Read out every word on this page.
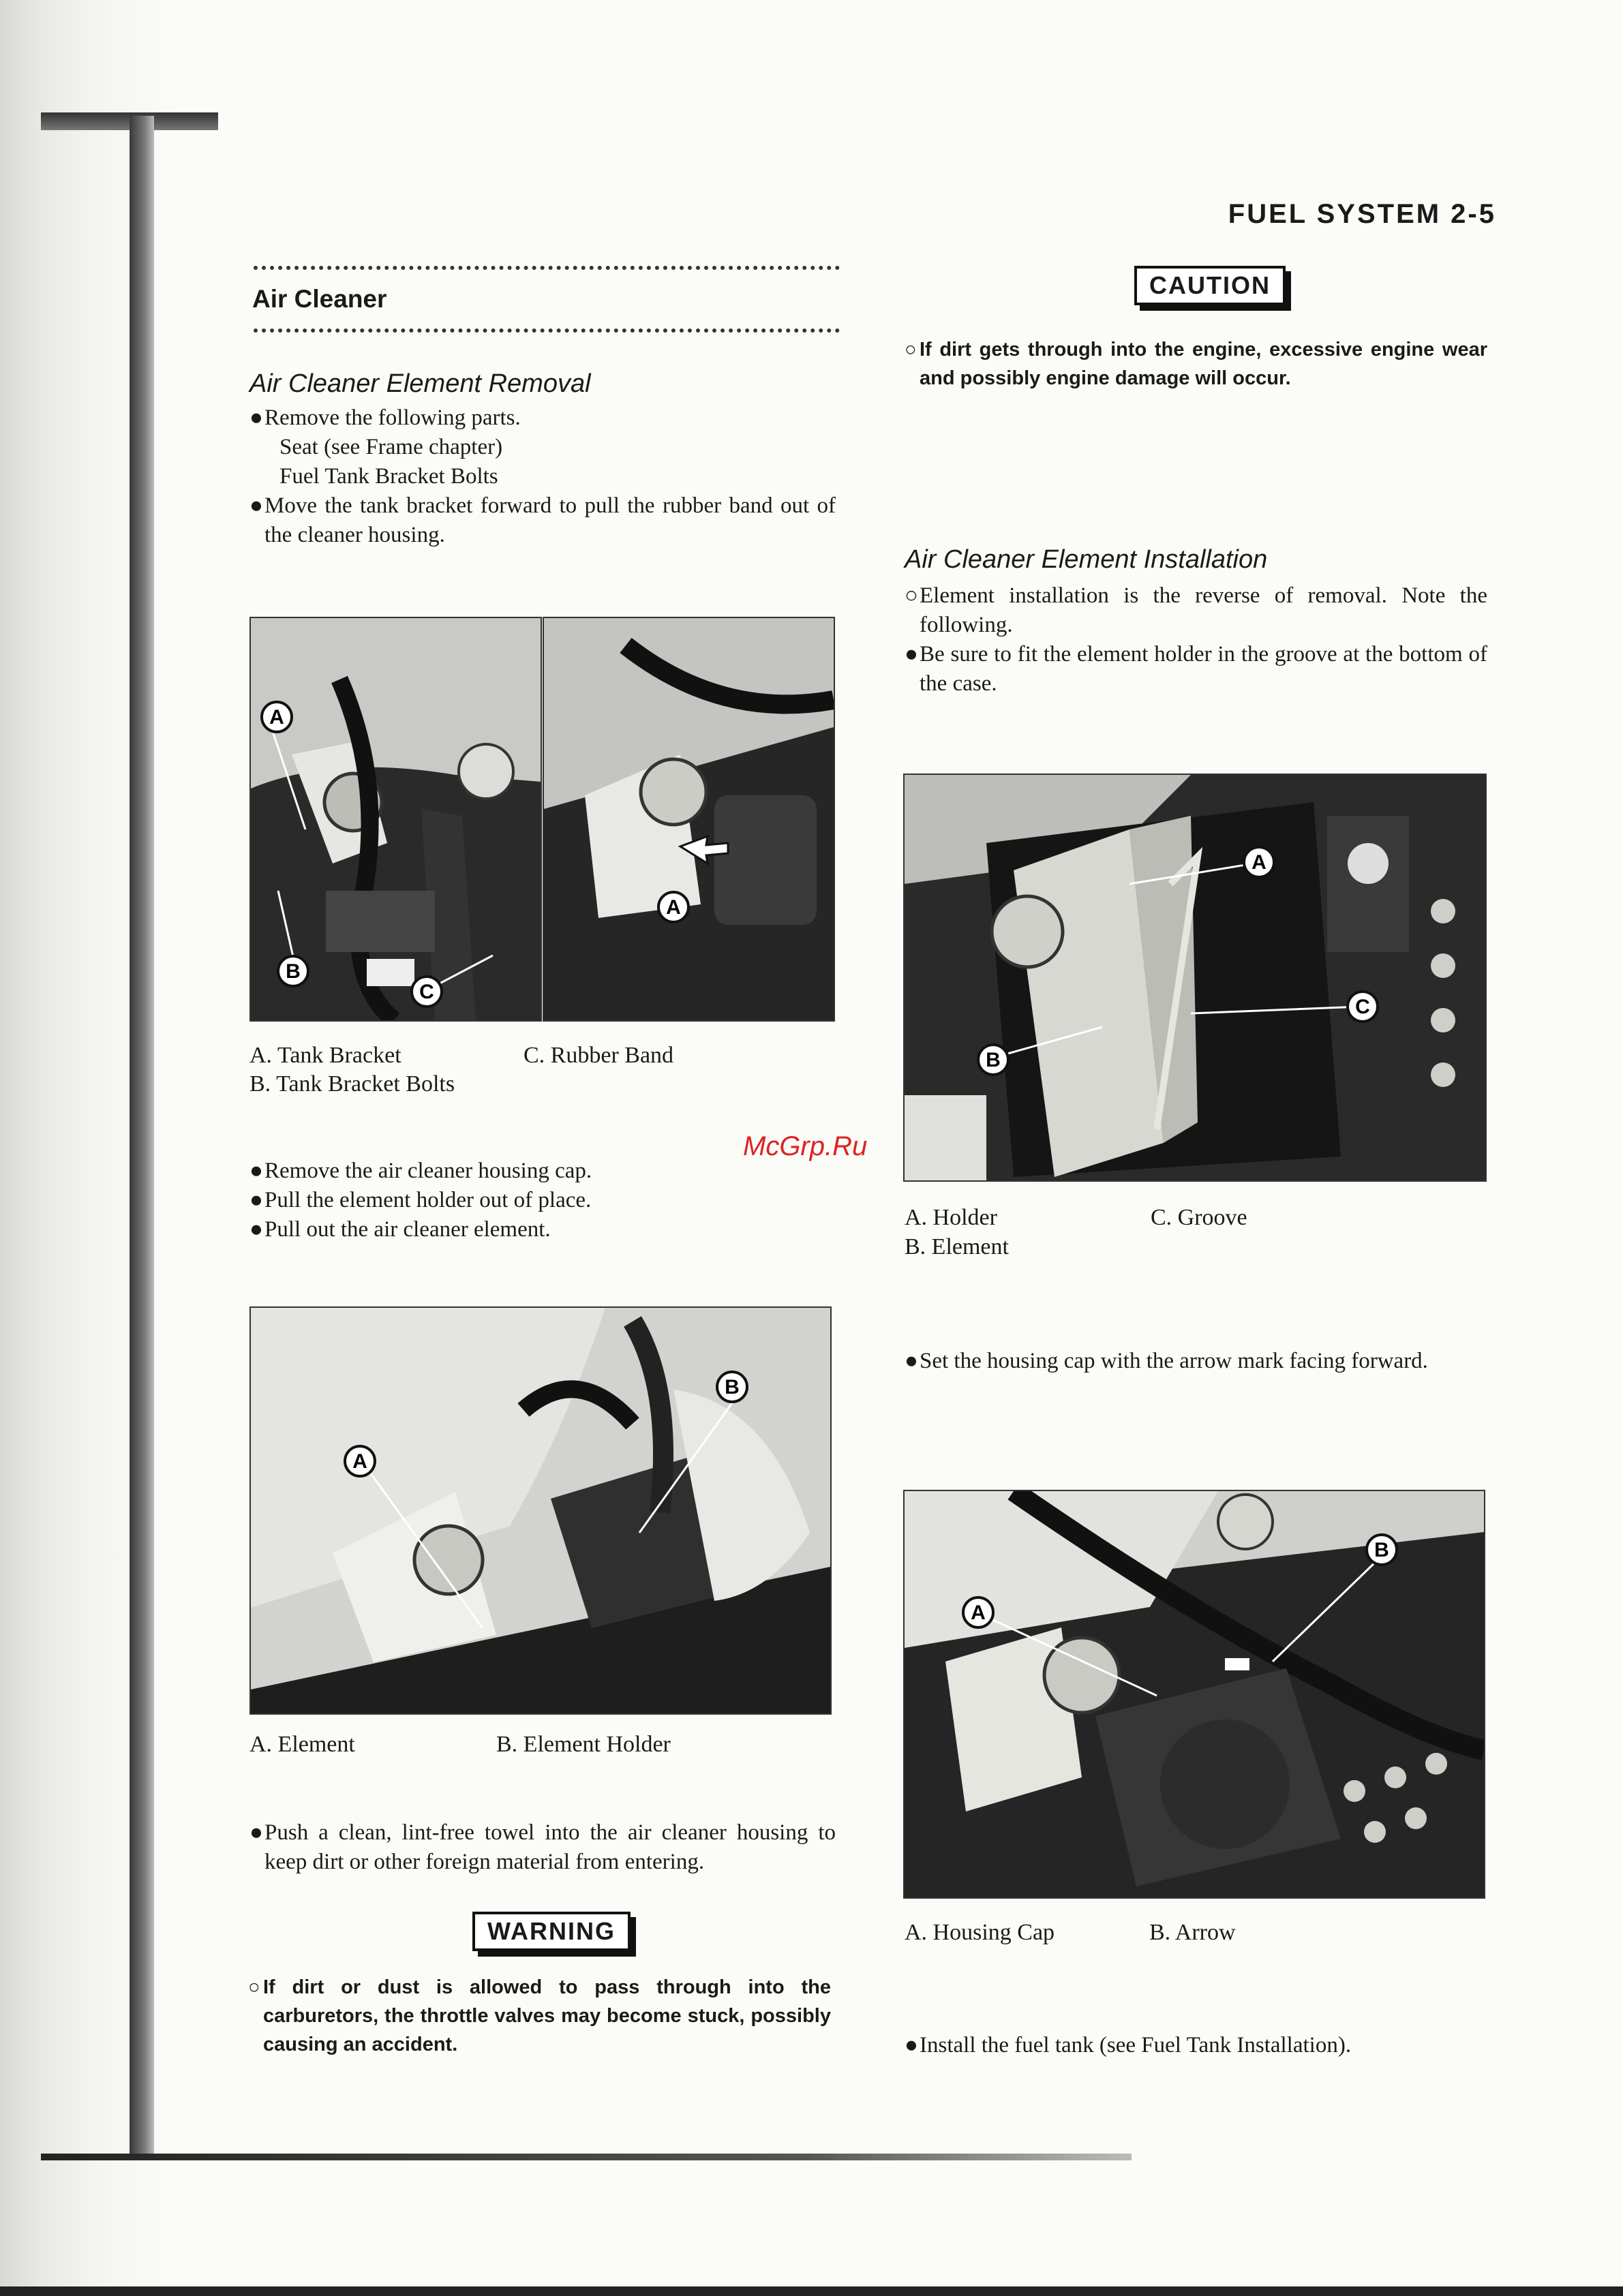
FUEL SYSTEM 2-5
Air Cleaner
Air Cleaner Element Removal
● Remove the following parts.
Seat (see Frame chapter)
Fuel Tank Bracket Bolts
● Move the tank bracket forward to pull the rubber band out of the cleaner housing.
A
B
C
A
A. Tank Bracket
B. Tank Bracket Bolts
C. Rubber Band
● Remove the air cleaner housing cap.
● Pull the element holder out of place.
● Pull out the air cleaner element.
A
B
A. Element	B. Element Holder
● Push a clean, lint-free towel into the air cleaner housing to keep dirt or other foreign material from entering.
WARNING
○ If dirt or dust is allowed to pass through into the carburetors, the throttle valves may become stuck, possibly causing an accident.
CAUTION
○ If dirt gets through into the engine, excessive engine wear and possibly engine damage will occur.
Air Cleaner Element Installation
○ Element installation is the reverse of removal. Note the following.
● Be sure to fit the element holder in the groove at the bottom of the case.
A
B
C
A. Holder
B. Element
C. Groove
● Set the housing cap with the arrow mark facing forward.
A
B
A. Housing Cap	B. Arrow
● Install the fuel tank (see Fuel Tank Installation).
McGrp.Ru
